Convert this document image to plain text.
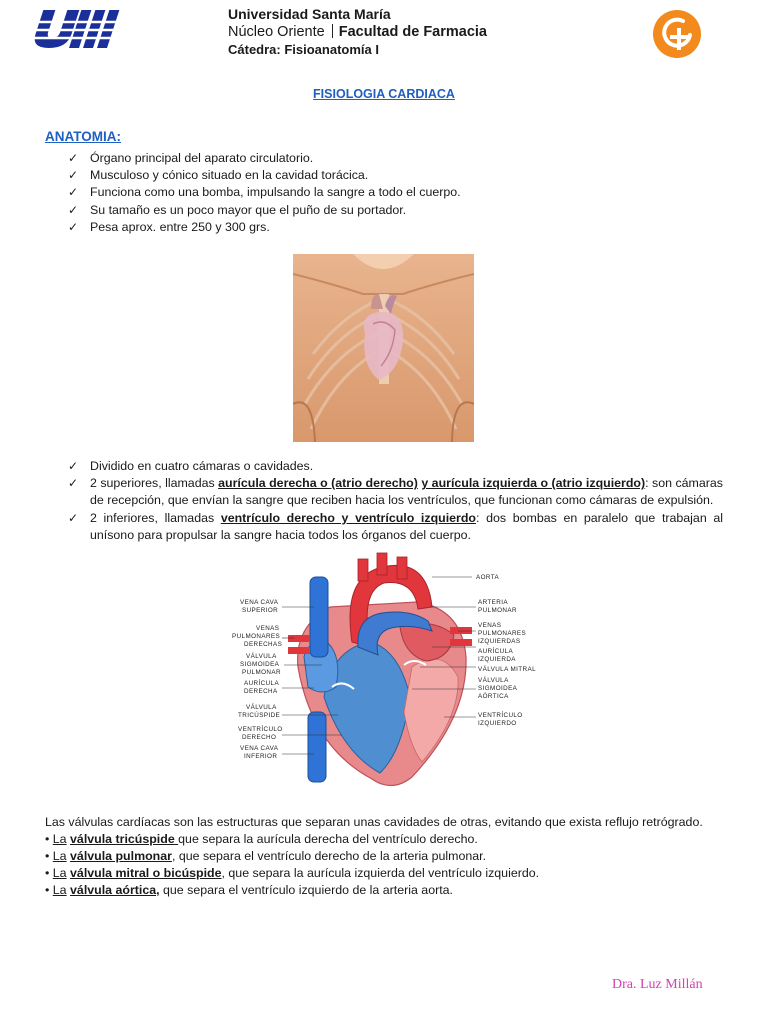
Universidad Santa María
Núcleo Oriente Facultad de Farmacia
Cátedra: Fisioanatomía I
FISIOLOGIA CARDIACA
ANATOMIA:
✓ Órgano principal del aparato circulatorio.
✓ Musculoso y cónico situado en la cavidad torácica.
✓ Funciona como una bomba, impulsando la sangre a todo el cuerpo.
✓ Su tamaño es un poco mayor que el puño de su portador.
✓ Pesa aprox. entre 250 y 300 grs.
✓ Dividido en cuatro cámaras o cavidades.
✓ 2 superiores, llamadas aurícula derecha o (atrio derecho) y aurícula izquierda o (atrio izquierdo): son cámaras de recepción, que envían la sangre que reciben hacia los ventrículos, que funcionan como cámaras de expulsión.
✓ 2 inferiores, llamadas ventrículo derecho y ventrículo izquierdo: dos bombas en paralelo que trabajan al unísono para propulsar la sangre hacia todos los órganos del cuerpo.
AORTA
VENA CAVA SUPERIOR
ARTERIA PULMONAR
VENAS PULMONARES DERECHAS
VENAS PULMONARES IZQUIERDAS
VÁLVULA SIGMOIDEA PULMONAR
AURÍCULA IZQUIERDA
VÁLVULA MITRAL
AURÍCULA DERECHA
VÁLVULA SIGMOIDEA AÓRTICA
VÁLVULA TRICÚSPIDE	VENTRÍCULO IZQUIERDO
VENTRÍCULO DERECHO
VENA CAVA INFERIOR

Las válvulas cardíacas son las estructuras que separan unas cavidades de otras, evitando que exista reflujo retrógrado.

• La válvula tricúspide que separa la aurícula derecha del ventrículo derecho.
• La válvula pulmonar, que separa el ventrículo derecho de la arteria pulmonar.
• La válvula mitral o bicúspide, que separa la aurícula izquierda del ventrículo izquierdo.
• La válvula aórtica, que separa el ventrículo izquierdo de la arteria aorta.
Dra. Luz Millán
